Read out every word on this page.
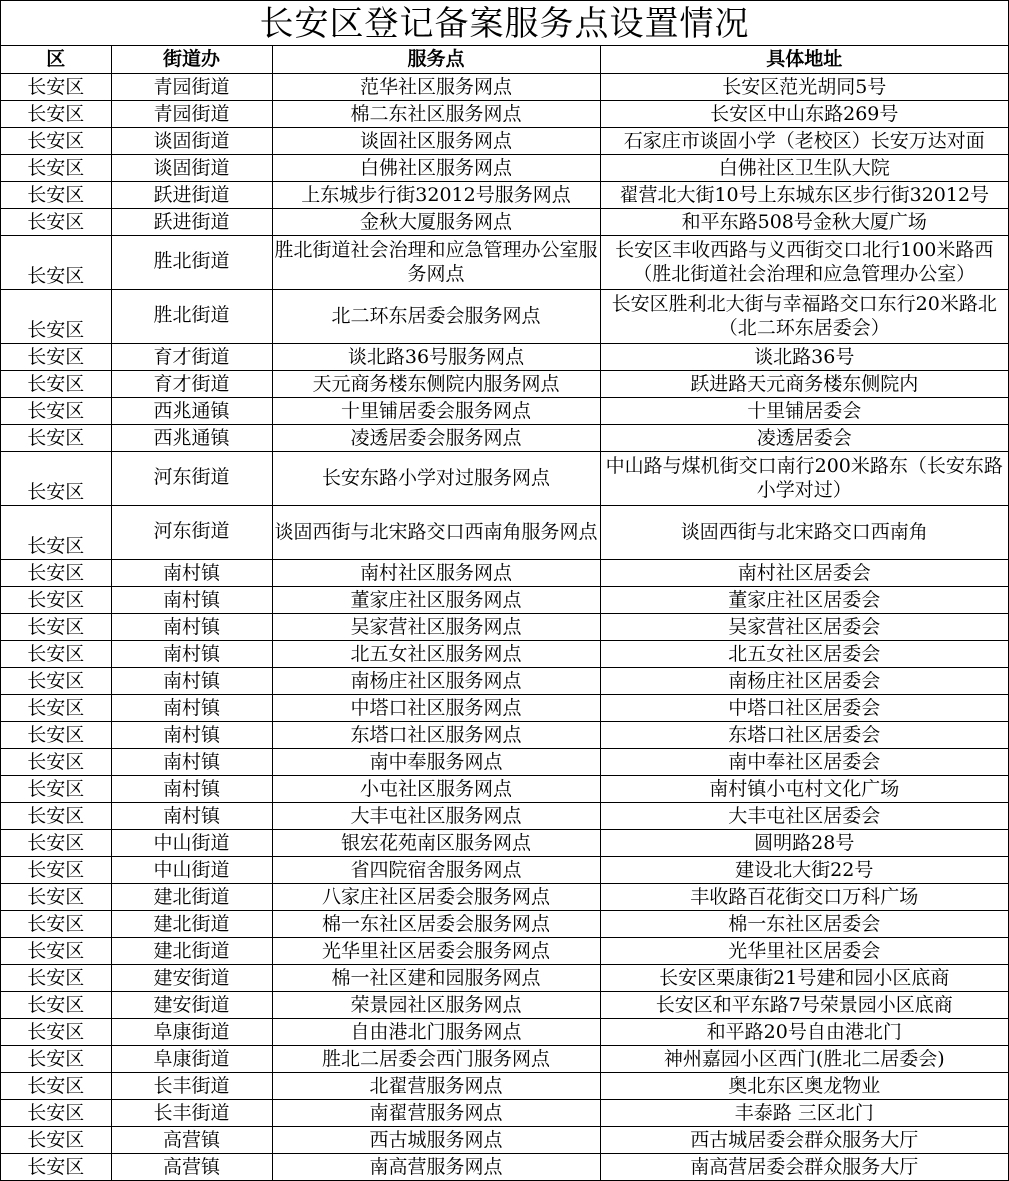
长安区登记备案服务点设置情况
区	街道办	服务点	具体地址
长安区	青园街道	范华社区服务网点	长安区范光胡同5号
长安区	青园街道	棉二东社区服务网点	长安区中山东路269号
长安区	谈固街道	谈固社区服务网点	石家庄市谈固小学（老校区）长安万达对面
长安区	谈固街道	白佛社区服务网点	白佛社区卫生队大院
长安区	跃进街道	上东城步行街32012号服务网点	翟营北大街10号上东城东区步行街32012号
长安区	跃进街道	金秋大厦服务网点	和平东路508号金秋大厦广场
长安区	胜北街道	胜北街道社会治理和应急管理办公室服务网点	长安区丰收西路与义西街交口北行100米路西（胜北街道社会治理和应急管理办公室）
长安区	胜北街道	北二环东居委会服务网点	长安区胜利北大街与幸福路交口东行20米路北（北二环东居委会）
长安区	育才街道	谈北路36号服务网点	谈北路36号
长安区	育才街道	天元商务楼东侧院内服务网点	跃进路天元商务楼东侧院内
长安区	西兆通镇	十里铺居委会服务网点	十里铺居委会
长安区	西兆通镇	凌透居委会服务网点	凌透居委会
长安区	河东街道	长安东路小学对过服务网点	中山路与煤机街交口南行200米路东（长安东路小学对过）
长安区	河东街道	谈固西街与北宋路交口西南角服务网点	谈固西街与北宋路交口西南角
长安区	南村镇	南村社区服务网点	南村社区居委会
长安区	南村镇	董家庄社区服务网点	董家庄社区居委会
长安区	南村镇	吴家营社区服务网点	吴家营社区居委会
长安区	南村镇	北五女社区服务网点	北五女社区居委会
长安区	南村镇	南杨庄社区服务网点	南杨庄社区居委会
长安区	南村镇	中塔口社区服务网点	中塔口社区居委会
长安区	南村镇	东塔口社区服务网点	东塔口社区居委会
长安区	南村镇	南中奉服务网点	南中奉社区居委会
长安区	南村镇	小屯社区服务网点	南村镇小屯村文化广场
长安区	南村镇	大丰屯社区服务网点	大丰屯社区居委会
长安区	中山街道	银宏花苑南区服务网点	圆明路28号
长安区	中山街道	省四院宿舍服务网点	建设北大街22号
长安区	建北街道	八家庄社区居委会服务网点	丰收路百花街交口万科广场
长安区	建北街道	棉一东社区居委会服务网点	棉一东社区居委会
长安区	建北街道	光华里社区居委会服务网点	光华里社区居委会
长安区	建安街道	棉一社区建和园服务网点	长安区栗康街21号建和园小区底商
长安区	建安街道	荣景园社区服务网点	长安区和平东路7号荣景园小区底商
长安区	阜康街道	自由港北门服务网点	和平路20号自由港北门
长安区	阜康街道	胜北二居委会西门服务网点	神州嘉园小区西门(胜北二居委会)
长安区	长丰街道	北翟营服务网点	奥北东区奥龙物业
长安区	长丰街道	南翟营服务网点	丰泰路 三区北门
长安区	高营镇	西古城服务网点	西古城居委会群众服务大厅
长安区	高营镇	南高营服务网点	南高营居委会群众服务大厅
